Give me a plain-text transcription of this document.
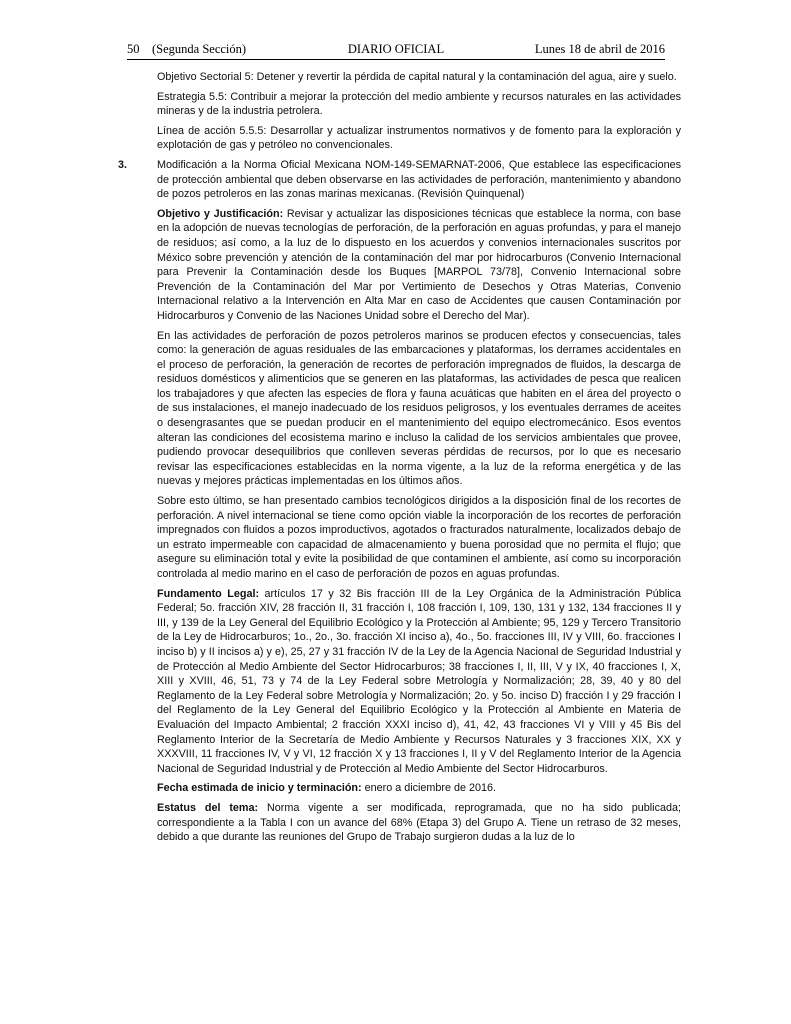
50 (Segunda Sección)	DIARIO OFICIAL	Lunes 18 de abril de 2016

Objetivo Sectorial 5: Detener y revertir la pérdida de capital natural y la contaminación del agua, aire y suelo.

Estrategia 5.5: Contribuir a mejorar la protección del medio ambiente y recursos naturales en las actividades mineras y de la industria petrolera.

Línea de acción 5.5.5: Desarrollar y actualizar instrumentos normativos y de fomento para la exploración y explotación de gas y petróleo no convencionales.

3.	Modificación a la Norma Oficial Mexicana NOM-149-SEMARNAT-2006, Que establece las especificaciones de protección ambiental que deben observarse en las actividades de perforación, mantenimiento y abandono de pozos petroleros en las zonas marinas mexicanas. (Revisión Quinquenal)

Objetivo y Justificación: Revisar y actualizar las disposiciones técnicas que establece la norma, con base en la adopción de nuevas tecnologías de perforación, de la perforación en aguas profundas, y para el manejo de residuos; así como, a la luz de lo dispuesto en los acuerdos y convenios internacionales suscritos por México sobre prevención y atención de la contaminación del mar por hidrocarburos (Convenio Internacional para Prevenir la Contaminación desde los Buques [MARPOL 73/78], Convenio Internacional sobre Prevención de la Contaminación del Mar por Vertimiento de Desechos y Otras Materias, Convenio Internacional relativo a la Intervención en Alta Mar en caso de Accidentes que causen Contaminación por Hidrocarburos y Convenio de las Naciones Unidad sobre el Derecho del Mar).

En las actividades de perforación de pozos petroleros marinos se producen efectos y consecuencias, tales como: la generación de aguas residuales de las embarcaciones y plataformas, los derrames accidentales en el proceso de perforación, la generación de recortes de perforación impregnados de fluidos, la descarga de residuos domésticos y alimenticios que se generen en las plataformas, las actividades de pesca que realicen los trabajadores y que afecten las especies de flora y fauna acuáticas que habiten en el área del proyecto o de sus instalaciones, el manejo inadecuado de los residuos peligrosos, y los eventuales derrames de aceites o desengrasantes que se puedan producir en el mantenimiento del equipo electromecánico. Esos eventos alteran las condiciones del ecosistema marino e incluso la calidad de los servicios ambientales que provee, pudiendo provocar desequilibrios que conlleven severas pérdidas de recursos, por lo que es necesario revisar las especificaciones establecidas en la norma vigente, a la luz de la reforma energética y de las nuevas y mejores prácticas implementadas en los últimos años.

Sobre esto último, se han presentado cambios tecnológicos dirigidos a la disposición final de los recortes de perforación. A nivel internacional se tiene como opción viable la incorporación de los recortes de perforación impregnados con fluidos a pozos improductivos, agotados o fracturados naturalmente, localizados debajo de un estrato impermeable con capacidad de almacenamiento y buena porosidad que no permita el flujo; que asegure su eliminación total y evite la posibilidad de que contaminen el ambiente, así como su incorporación controlada al medio marino en el caso de perforación de pozos en aguas profundas.

Fundamento Legal: artículos 17 y 32 Bis fracción III de la Ley Orgánica de la Administración Pública Federal; 5o. fracción XIV, 28 fracción II, 31 fracción I, 108 fracción I, 109, 130, 131 y 132, 134 fracciones II y III, y 139 de la Ley General del Equilibrio Ecológico y la Protección al Ambiente; 95, 129 y Tercero Transitorio de la Ley de Hidrocarburos; 1o., 2o., 3o. fracción XI inciso a), 4o., 5o. fracciones III, IV y VIII, 6o. fracciones I inciso b) y II incisos a) y e), 25, 27 y 31 fracción IV de la Ley de la Agencia Nacional de Seguridad Industrial y de Protección al Medio Ambiente del Sector Hidrocarburos; 38 fracciones I, II, III, V y IX, 40 fracciones I, X, XIII y XVIII, 46, 51, 73 y 74 de la Ley Federal sobre Metrología y Normalización; 28, 39, 40 y 80 del Reglamento de la Ley Federal sobre Metrología y Normalización; 2o. y 5o. inciso D) fracción I y 29 fracción I del Reglamento de la Ley General del Equilibrio Ecológico y la Protección al Ambiente en Materia de Evaluación del Impacto Ambiental; 2 fracción XXXI inciso d), 41, 42, 43 fracciones VI y VIII y 45 Bis del Reglamento Interior de la Secretaría de Medio Ambiente y Recursos Naturales y 3 fracciones XIX, XX y XXXVIII, 11 fracciones IV, V y VI, 12 fracción X y 13 fracciones I, II y V del Reglamento Interior de la Agencia Nacional de Seguridad Industrial y de Protección al Medio Ambiente del Sector Hidrocarburos.

Fecha estimada de inicio y terminación: enero a diciembre de 2016.

Estatus del tema: Norma vigente a ser modificada, reprogramada, que no ha sido publicada; correspondiente a la Tabla I con un avance del 68% (Etapa 3) del Grupo A. Tiene un retraso de 32 meses, debido a que durante las reuniones del Grupo de Trabajo surgieron dudas a la luz de lo
